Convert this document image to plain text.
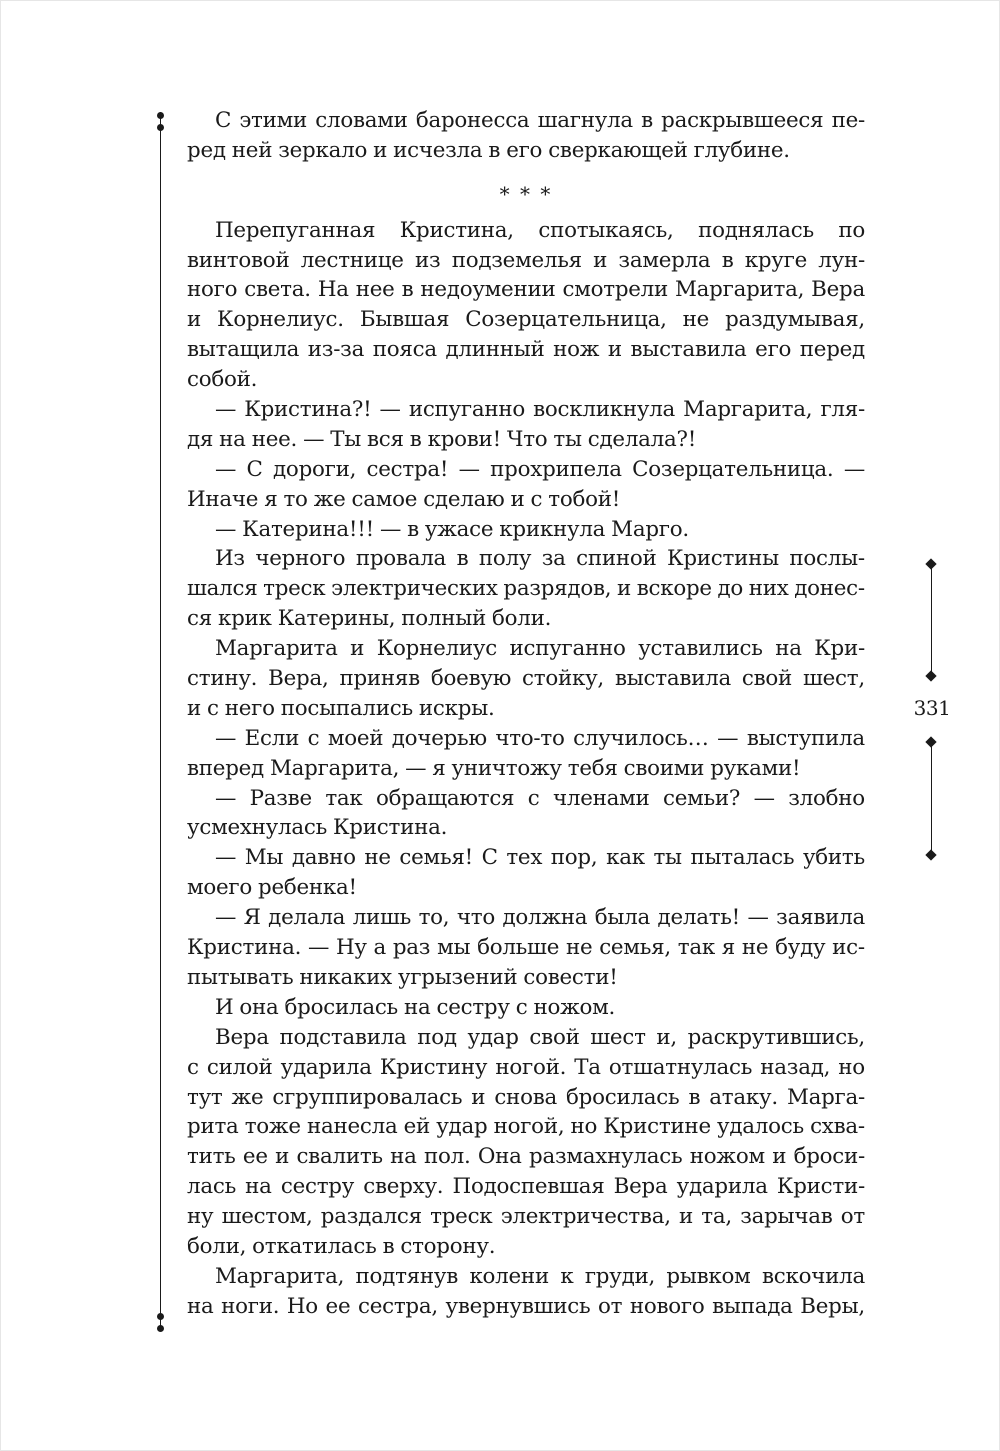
331
С этими словами баронесса шагнула в раскрывшееся пе-
ред ней зеркало и исчезла в его сверкающей глубине.
* * *
Перепуганная Кристина, спотыкаясь, поднялась по
винтовой лестнице из подземелья и замерла в круге лун-
ного света. На нее в недоумении смотрели Маргарита, Вера
и Корнелиус. Бывшая Созерцательница, не раздумывая,
вытащила из-за пояса длинный нож и выставила его перед
собой.
— Кристина?! — испуганно воскликнула Маргарита, гля-
дя на нее. — Ты вся в крови! Что ты сделала?!
— С дороги, сестра! — прохрипела Созерцательница. —
Иначе я то же самое сделаю и с тобой!
— Катерина!!! — в ужасе крикнула Марго.
Из черного провала в полу за спиной Кристины послы-
шался треск электрических разрядов, и вскоре до них донес-
ся крик Катерины, полный боли.
Маргарита и Корнелиус испуганно уставились на Кри-
стину. Вера, приняв боевую стойку, выставила свой шест,
и с него посыпались искры.
— Если с моей дочерью что-то случилось… — выступила
вперед Маргарита, — я уничтожу тебя своими руками!
— Разве так обращаются с членами семьи? — злобно
усмехнулась Кристина.
— Мы давно не семья! С тех пор, как ты пыталась убить
моего ребенка!
— Я делала лишь то, что должна была делать! — заявила
Кристина. — Ну а раз мы больше не семья, так я не буду ис-
пытывать никаких угрызений совести!
И она бросилась на сестру с ножом.
Вера подставила под удар свой шест и, раскрутившись,
с силой ударила Кристину ногой. Та отшатнулась назад, но
тут же сгруппировалась и снова бросилась в атаку. Марга-
рита тоже нанесла ей удар ногой, но Кристине удалось схва-
тить ее и свалить на пол. Она размахнулась ножом и броси-
лась на сестру сверху. Подоспевшая Вера ударила Кристи-
ну шестом, раздался треск электричества, и та, зарычав от
боли, откатилась в сторону.
Маргарита, подтянув колени к груди, рывком вскочила
на ноги. Но ее сестра, увернувшись от нового выпада Веры,
